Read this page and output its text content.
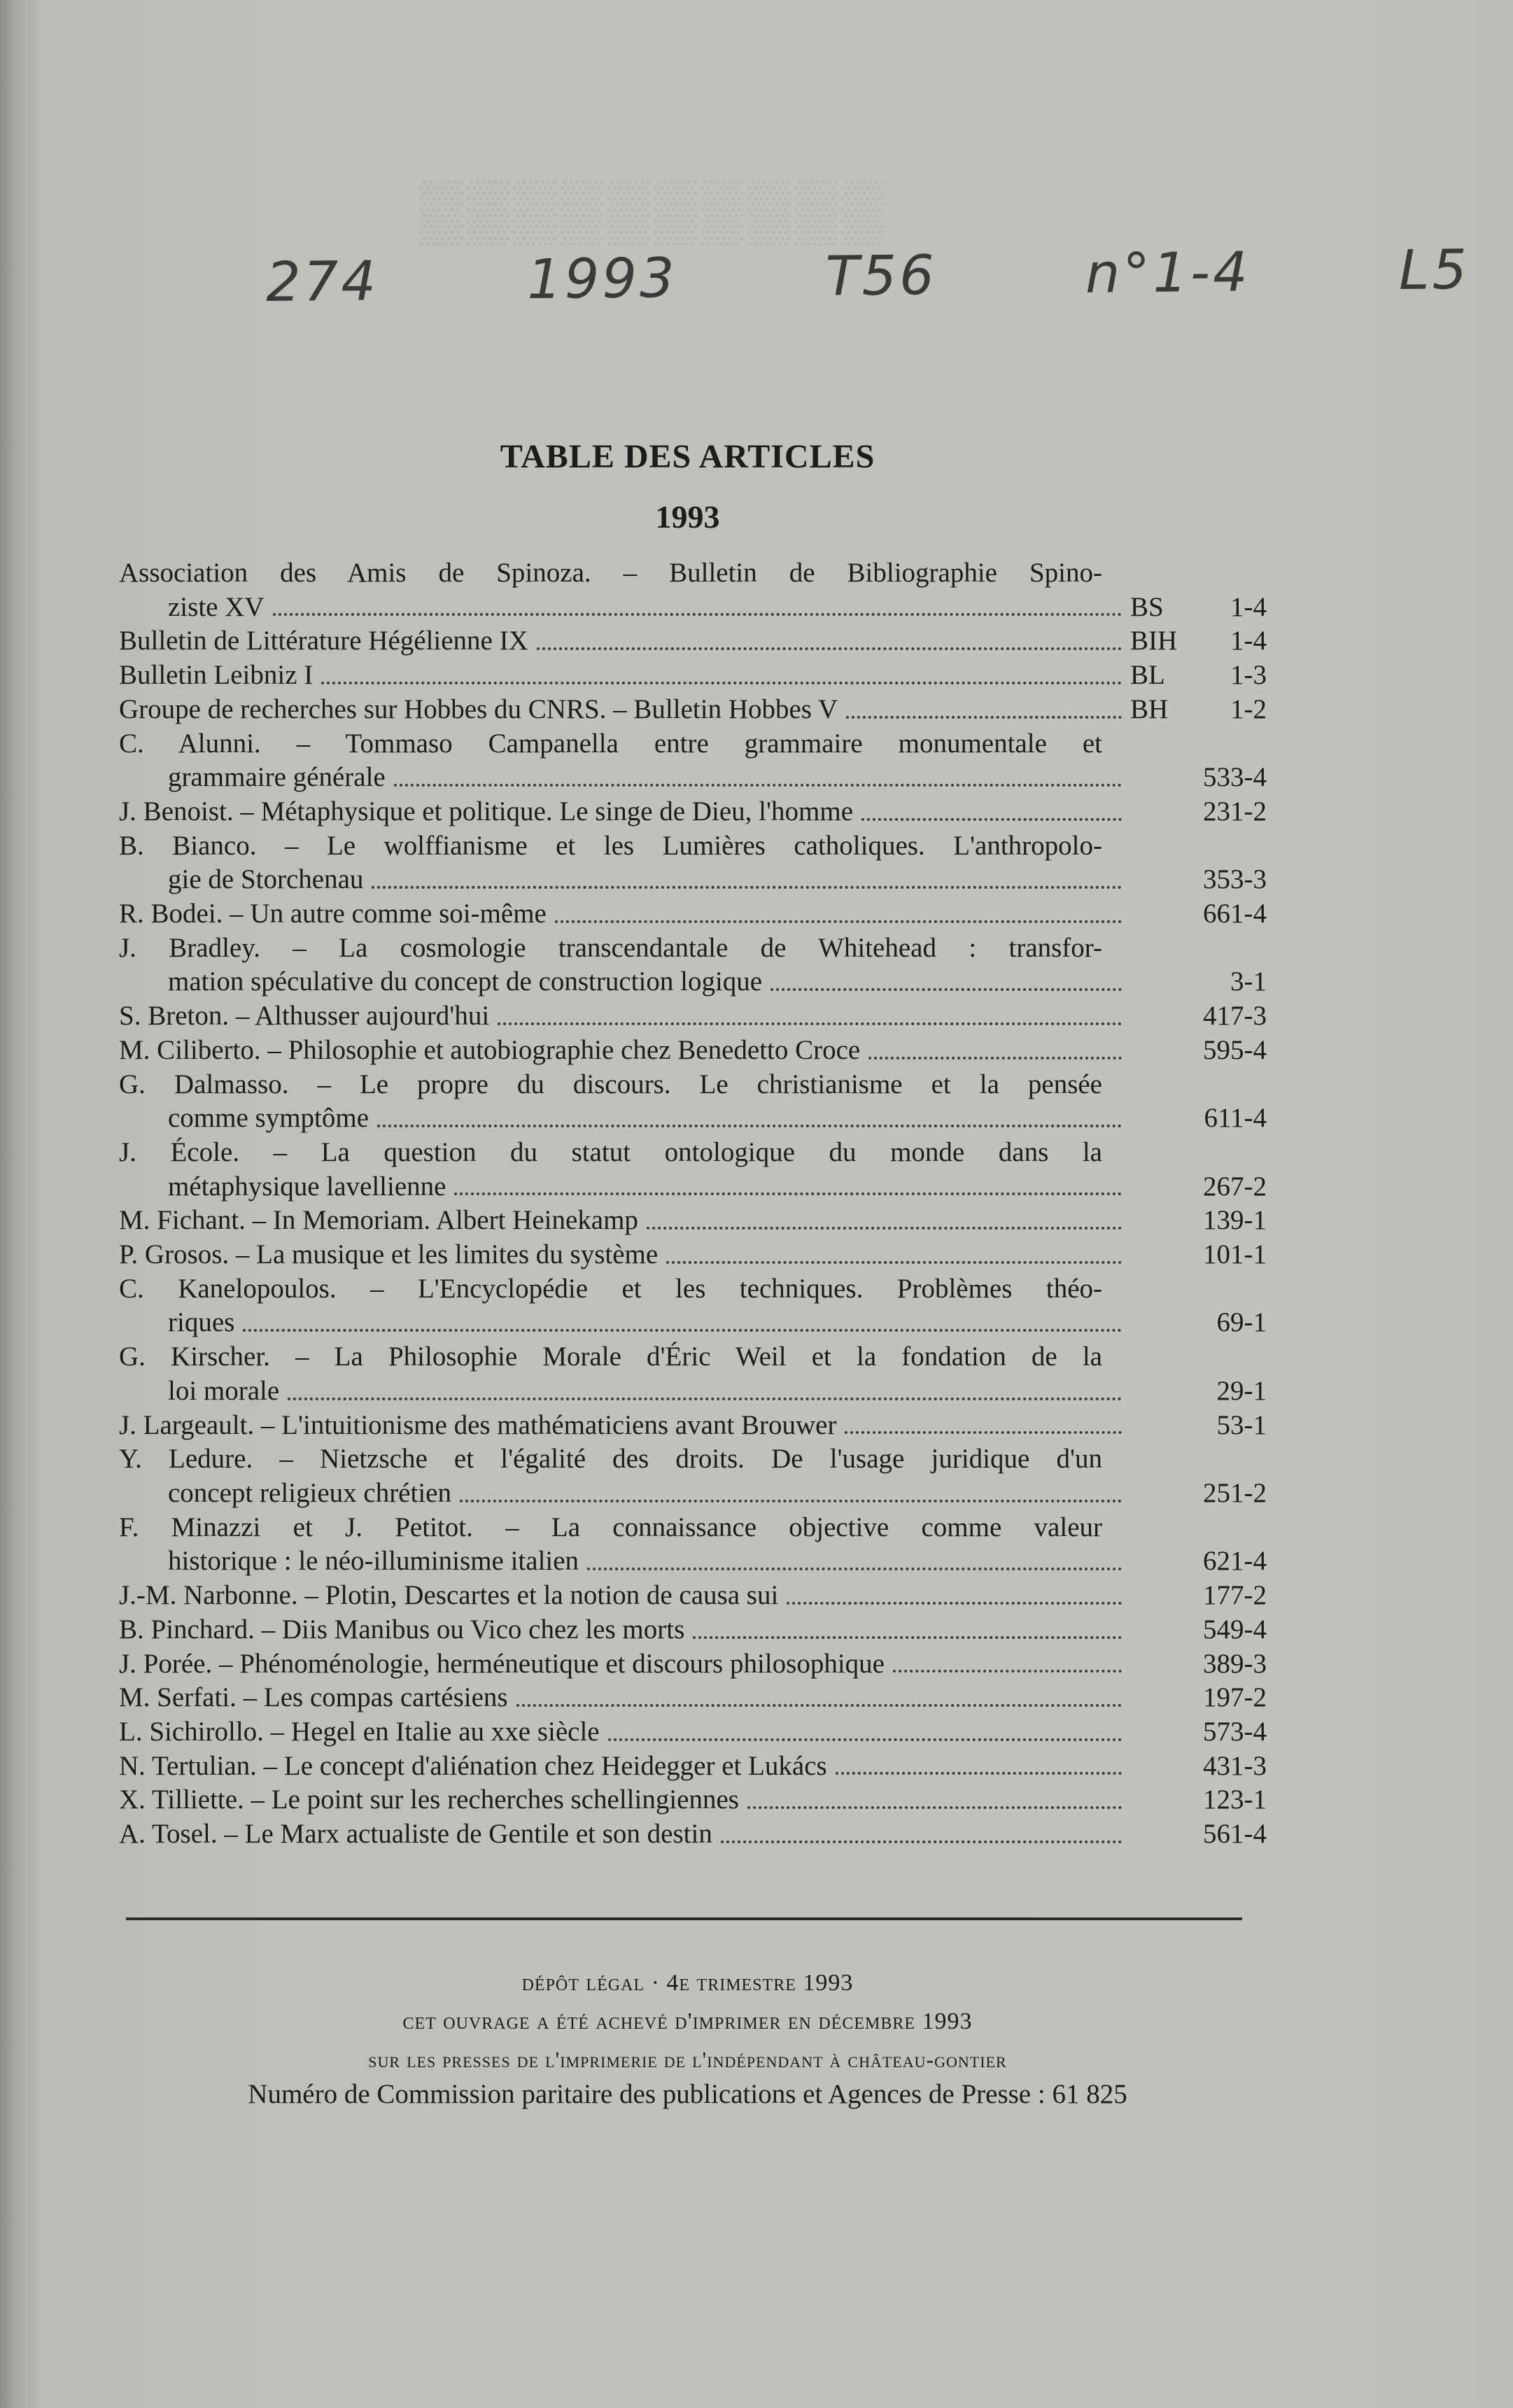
▒▒▒▒▒▒▒▒▒▒
274	1993	T56	n°1-4	L5
TABLE DES ARTICLES
1993
Association des Amis de Spinoza. – Bulletin de Bibliographie Spino-
ziste XV	BS	1-4
Bulletin de Littérature Hégélienne IX	BIH	1-4
Bulletin Leibniz I	BL	1-3
Groupe de recherches sur Hobbes du CNRS. – Bulletin Hobbes V	BH	1-2
C. Alunni. – Tommaso Campanella entre grammaire monumentale et
grammaire générale	533-4
J. Benoist. – Métaphysique et politique. Le singe de Dieu, l'homme	231-2
B. Bianco. – Le wolffianisme et les Lumières catholiques. L'anthropolo-
gie de Storchenau	353-3
R. Bodei. – Un autre comme soi-même	661-4
J. Bradley. – La cosmologie transcendantale de Whitehead : transfor-
mation spéculative du concept de construction logique	3-1
S. Breton. – Althusser aujourd'hui	417-3
M. Ciliberto. – Philosophie et autobiographie chez Benedetto Croce	595-4
G. Dalmasso. – Le propre du discours. Le christianisme et la pensée
comme symptôme	611-4
J. École. – La question du statut ontologique du monde dans la
métaphysique lavellienne	267-2
M. Fichant. – In Memoriam. Albert Heinekamp	139-1
P. Grosos. – La musique et les limites du système	101-1
C. Kanelopoulos. – L'Encyclopédie et les techniques. Problèmes théo-
riques	69-1
G. Kirscher. – La Philosophie Morale d'Éric Weil et la fondation de la
loi morale	29-1
J. Largeault. – L'intuitionisme des mathématiciens avant Brouwer	53-1
Y. Ledure. – Nietzsche et l'égalité des droits. De l'usage juridique d'un
concept religieux chrétien	251-2
F. Minazzi et J. Petitot. – La connaissance objective comme valeur
historique : le néo-illuminisme italien	621-4
J.-M. Narbonne. – Plotin, Descartes et la notion de causa sui	177-2
B. Pinchard. – Diis Manibus ou Vico chez les morts	549-4
J. Porée. – Phénoménologie, herméneutique et discours philosophique	389-3
M. Serfati. – Les compas cartésiens	197-2
L. Sichirollo. – Hegel en Italie au xxe siècle	573-4
N. Tertulian. – Le concept d'aliénation chez Heidegger et Lukács	431-3
X. Tilliette. – Le point sur les recherches schellingiennes	123-1
A. Tosel. – Le Marx actualiste de Gentile et son destin	561-4
dépôt légal · 4e trimestre 1993
cet ouvrage a été achevé d'imprimer en décembre 1993
sur les presses de l'imprimerie de l'indépendant à château-gontier
Numéro de Commission paritaire des publications et Agences de Presse : 61 825
